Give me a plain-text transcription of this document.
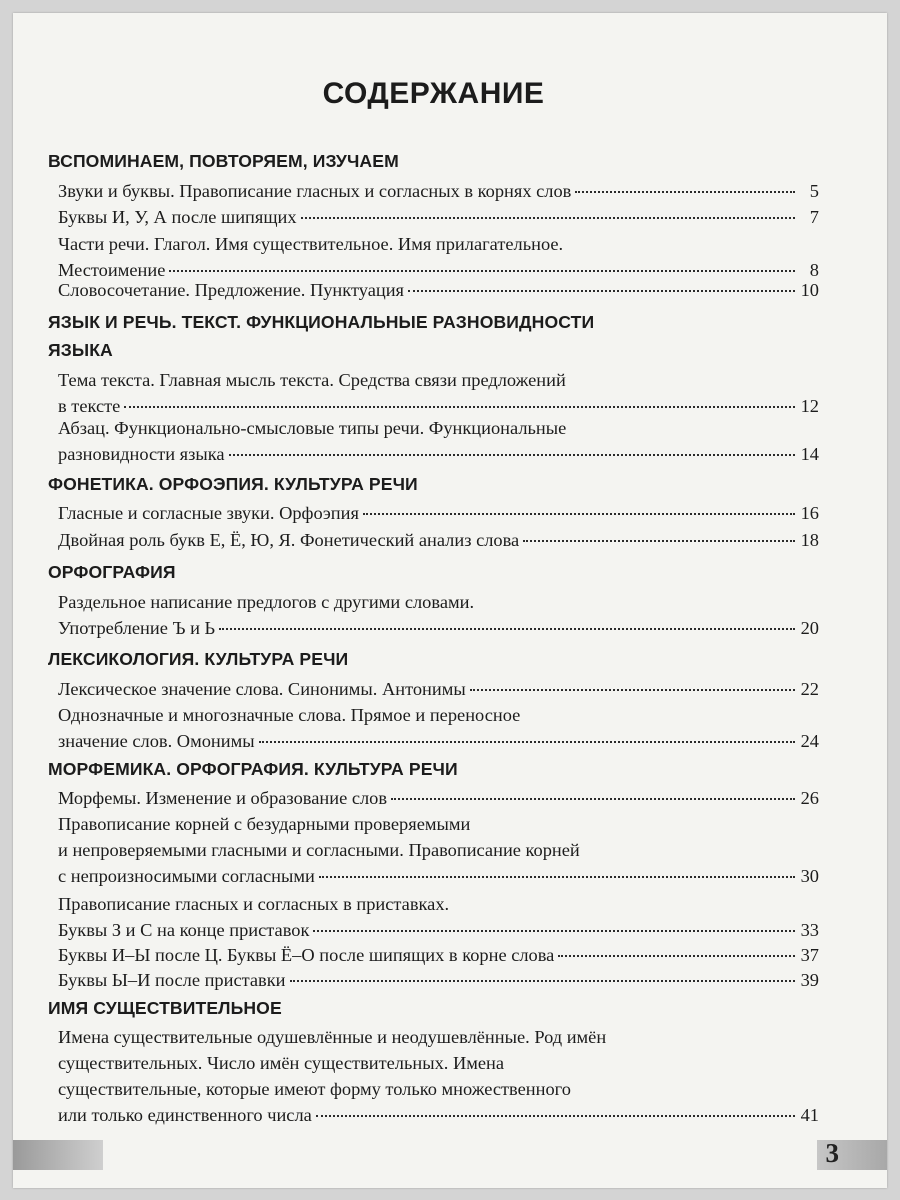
СОДЕРЖАНИЕ
ВСПОМИНАЕМ, ПОВТОРЯЕМ, ИЗУЧАЕМ
Звуки и буквы. Правописание гласных и согласных в корнях слов	5
Буквы И, У, А после шипящих	7
Части речи. Глагол. Имя существительное. Имя прилагательное.
Местоимение	8
Словосочетание. Предложение. Пунктуация	10
ЯЗЫК И РЕЧЬ. ТЕКСТ. ФУНКЦИОНАЛЬНЫЕ РАЗНОВИДНОСТИ
ЯЗЫКА
Тема текста. Главная мысль текста. Средства связи предложений
в тексте	12
Абзац. Функционально-смысловые типы речи. Функциональные
разновидности языка	14
ФОНЕТИКА. ОРФОЭПИЯ. КУЛЬТУРА РЕЧИ
Гласные и согласные звуки. Орфоэпия	16
Двойная роль букв Е, Ё, Ю, Я. Фонетический анализ слова	18
ОРФОГРАФИЯ
Раздельное написание предлогов с другими словами.
Употребление Ъ и Ь	20
ЛЕКСИКОЛОГИЯ. КУЛЬТУРА РЕЧИ
Лексическое значение слова. Синонимы. Антонимы	22
Однозначные и многозначные слова. Прямое и переносное
значение слов. Омонимы	24
МОРФЕМИКА. ОРФОГРАФИЯ. КУЛЬТУРА РЕЧИ
Морфемы. Изменение и образование слов	26
Правописание корней с безударными проверяемыми
и непроверяемыми гласными и согласными. Правописание корней
с непроизносимыми согласными	30
Правописание гласных и согласных в приставках.
Буквы З и С на конце приставок	33
Буквы И–Ы после Ц. Буквы Ё–О после шипящих в корне слова	37
Буквы Ы–И после приставки	39
ИМЯ СУЩЕСТВИТЕЛЬНОЕ
Имена существительные одушевлённые и неодушевлённые. Род имён
существительных. Число имён существительных. Имена
существительные, которые имеют форму только множественного
или только единственного числа	41
3
